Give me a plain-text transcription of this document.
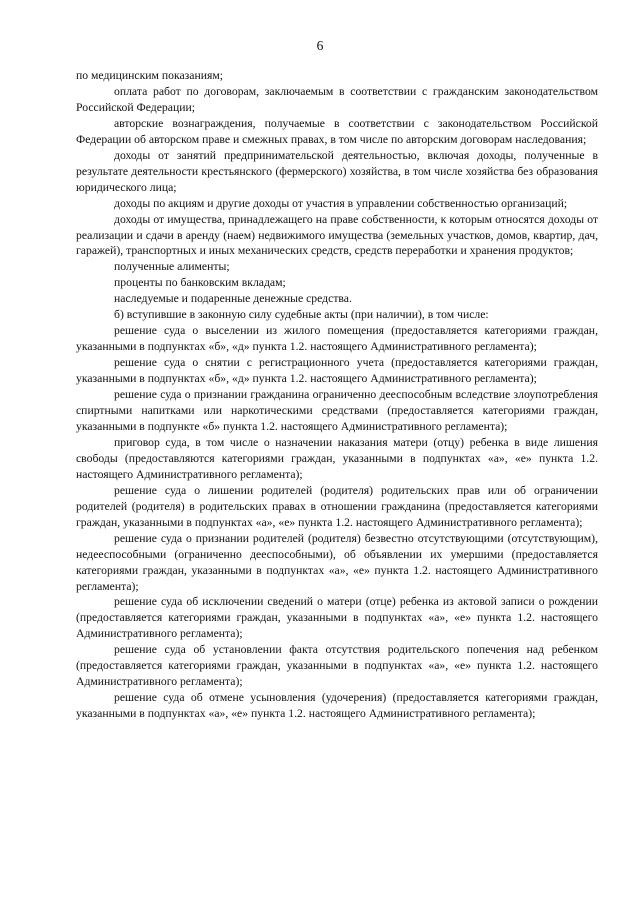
6

по медицинским показаниям;

оплата работ по договорам, заключаемым в соответствии с гражданским законодательством Российской Федерации;

авторские вознаграждения, получаемые в соответствии с законодательством Российской Федерации об авторском праве и смежных правах, в том числе по авторским договорам наследования;

доходы от занятий предпринимательской деятельностью, включая доходы, полученные в результате деятельности крестьянского (фермерского) хозяйства, в том числе хозяйства без образования юридического лица;

доходы по акциям и другие доходы от участия в управлении собственностью организаций;

доходы от имущества, принадлежащего на праве собственности, к которым относятся доходы от реализации и сдачи в аренду (наем) недвижимого имущества (земельных участков, домов, квартир, дач, гаражей), транспортных и иных механических средств, средств переработки и хранения продуктов;

полученные алименты;

проценты по банковским вкладам;

наследуемые и подаренные денежные средства.

б) вступившие в законную силу судебные акты (при наличии), в том числе:

решение суда о выселении из жилого помещения (предоставляется категориями граждан, указанными в подпунктах «б», «д» пункта 1.2. настоящего Административного регламента);

решение суда о снятии с регистрационного учета (предоставляется категориями граждан, указанными в подпунктах «б», «д» пункта 1.2. настоящего Административного регламента);

решение суда о признании гражданина ограниченно дееспособным вследствие злоупотребления спиртными напитками или наркотическими средствами (предоставляется категориями граждан, указанными в подпункте «б» пункта 1.2. настоящего Административного регламента);

приговор суда, в том числе о назначении наказания матери (отцу) ребенка в виде лишения свободы (предоставляются категориями граждан, указанными в подпунктах «а», «е» пункта 1.2. настоящего Административного регламента);

решение суда о лишении родителей (родителя) родительских прав или об ограничении родителей (родителя) в родительских правах в отношении гражданина (предоставляется категориями граждан, указанными в подпунктах «а», «е» пункта 1.2. настоящего Административного регламента);

решение суда о признании родителей (родителя) безвестно отсутствующими (отсутствующим), недееспособными (ограниченно дееспособными), об объявлении их умершими (предоставляется категориями граждан, указанными в подпунктах «а», «е» пункта 1.2. настоящего Административного регламента);

решение суда об исключении сведений о матери (отце) ребенка из актовой записи о рождении (предоставляется категориями граждан, указанными в подпунктах «а», «е» пункта 1.2. настоящего Административного регламента);

решение суда об установлении факта отсутствия родительского попечения над ребенком (предоставляется категориями граждан, указанными в подпунктах «а», «е» пункта 1.2. настоящего Административного регламента);

решение суда об отмене усыновления (удочерения) (предоставляется категориями граждан, указанными в подпунктах «а», «е» пункта 1.2. настоящего Административного регламента);
